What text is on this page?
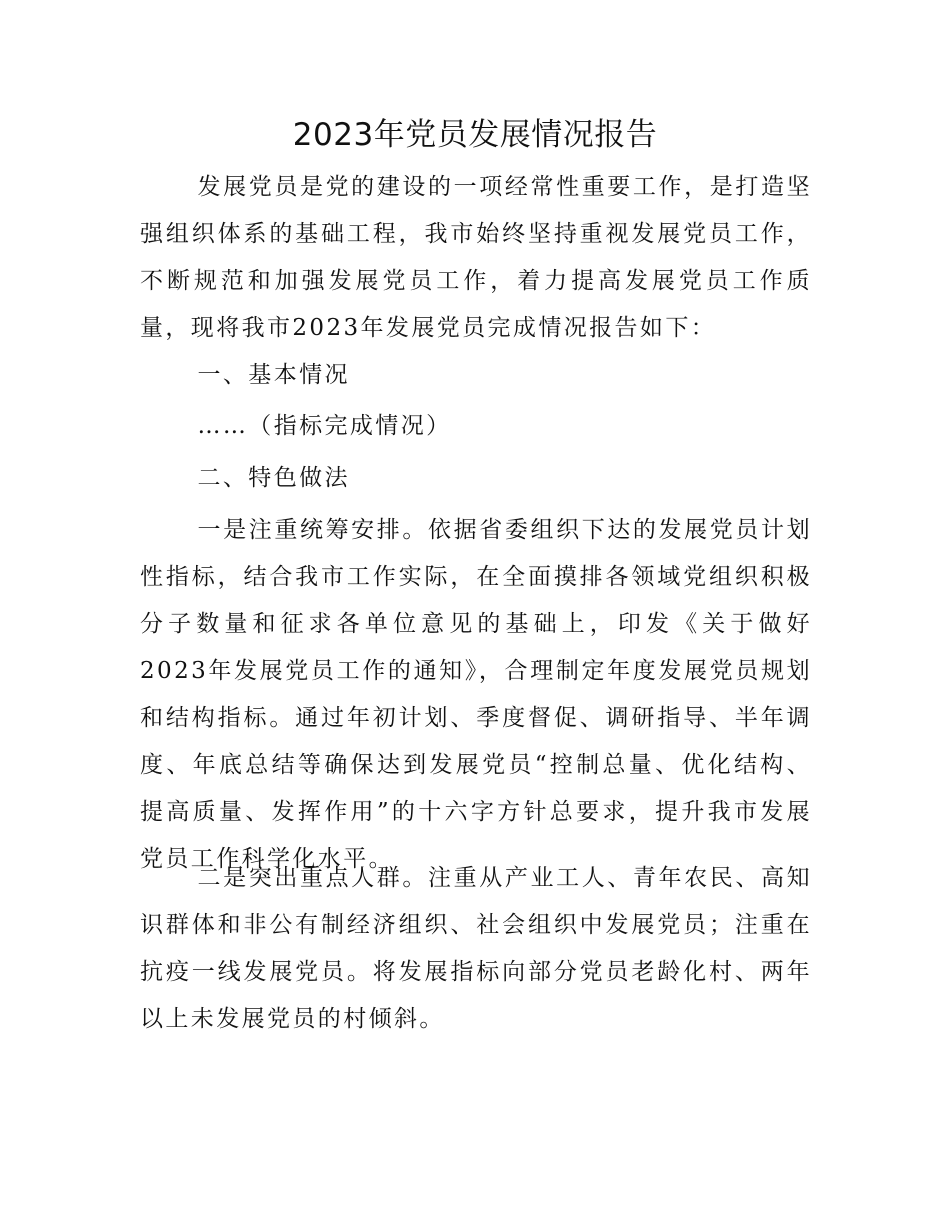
2023年党员发展情况报告

发展党员是党的建设的一项经常性重要工作，是打造坚强组织体系的基础工程，我市始终坚持重视发展党员工作，不断规范和加强发展党员工作，着力提高发展党员工作质量，现将我市2023年发展党员完成情况报告如下：

一、基本情况

……（指标完成情况）

二、特色做法

一是注重统筹安排。依据省委组织下达的发展党员计划性指标，结合我市工作实际，在全面摸排各领域党组织积极分子数量和征求各单位意见的基础上，印发《关于做好2023年发展党员工作的通知》，合理制定年度发展党员规划和结构指标。通过年初计划、季度督促、调研指导、半年调度、年底总结等确保达到发展党员“控制总量、优化结构、提高质量、发挥作用”的十六字方针总要求，提升我市发展党员工作科学化水平。

二是突出重点人群。注重从产业工人、青年农民、高知识群体和非公有制经济组织、社会组织中发展党员；注重在抗疫一线发展党员。将发展指标向部分党员老龄化村、两年以上未发展党员的村倾斜。
